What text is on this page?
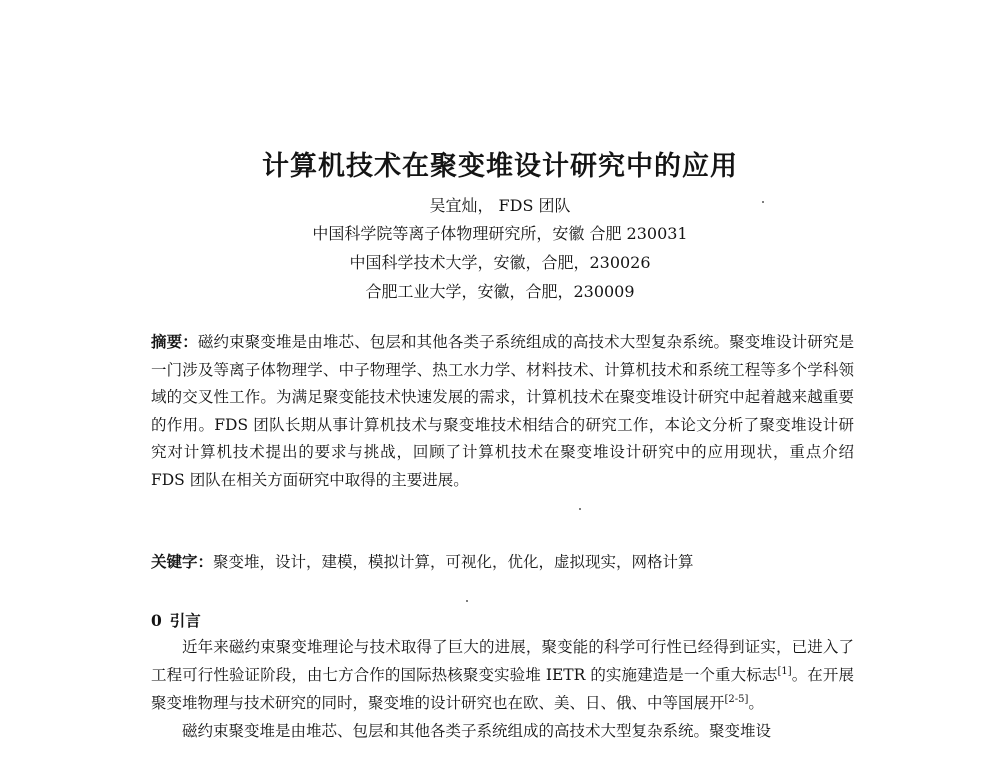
计算机技术在聚变堆设计研究中的应用

吴宜灿， FDS 团队

中国科学院等离子体物理研究所，安徽 合肥 230031

中国科学技术大学，安徽，合肥，230026

合肥工业大学，安徽，合肥，230009

摘要：磁约束聚变堆是由堆芯、包层和其他各类子系统组成的高技术大型复杂系统。聚变堆设计研究是一门涉及等离子体物理学、中子物理学、热工水力学、材料技术、计算机技术和系统工程等多个学科领域的交叉性工作。为满足聚变能技术快速发展的需求，计算机技术在聚变堆设计研究中起着越来越重要的作用。FDS 团队长期从事计算机技术与聚变堆技术相结合的研究工作，本论文分析了聚变堆设计研究对计算机技术提出的要求与挑战，回顾了计算机技术在聚变堆设计研究中的应用现状，重点介绍 FDS 团队在相关方面研究中取得的主要进展。

关键字：聚变堆，设计，建模，模拟计算，可视化，优化，虚拟现实，网格计算

0 引言

近年来磁约束聚变堆理论与技术取得了巨大的进展，聚变能的科学可行性已经得到证实，已进入了工程可行性验证阶段，由七方合作的国际热核聚变实验堆 IETR 的实施建造是一个重大标志[1]。在开展聚变堆物理与技术研究的同时，聚变堆的设计研究也在欧、美、日、俄、中等国展开[2-5]。

磁约束聚变堆是由堆芯、包层和其他各类子系统组成的高技术大型复杂系统。聚变堆设
